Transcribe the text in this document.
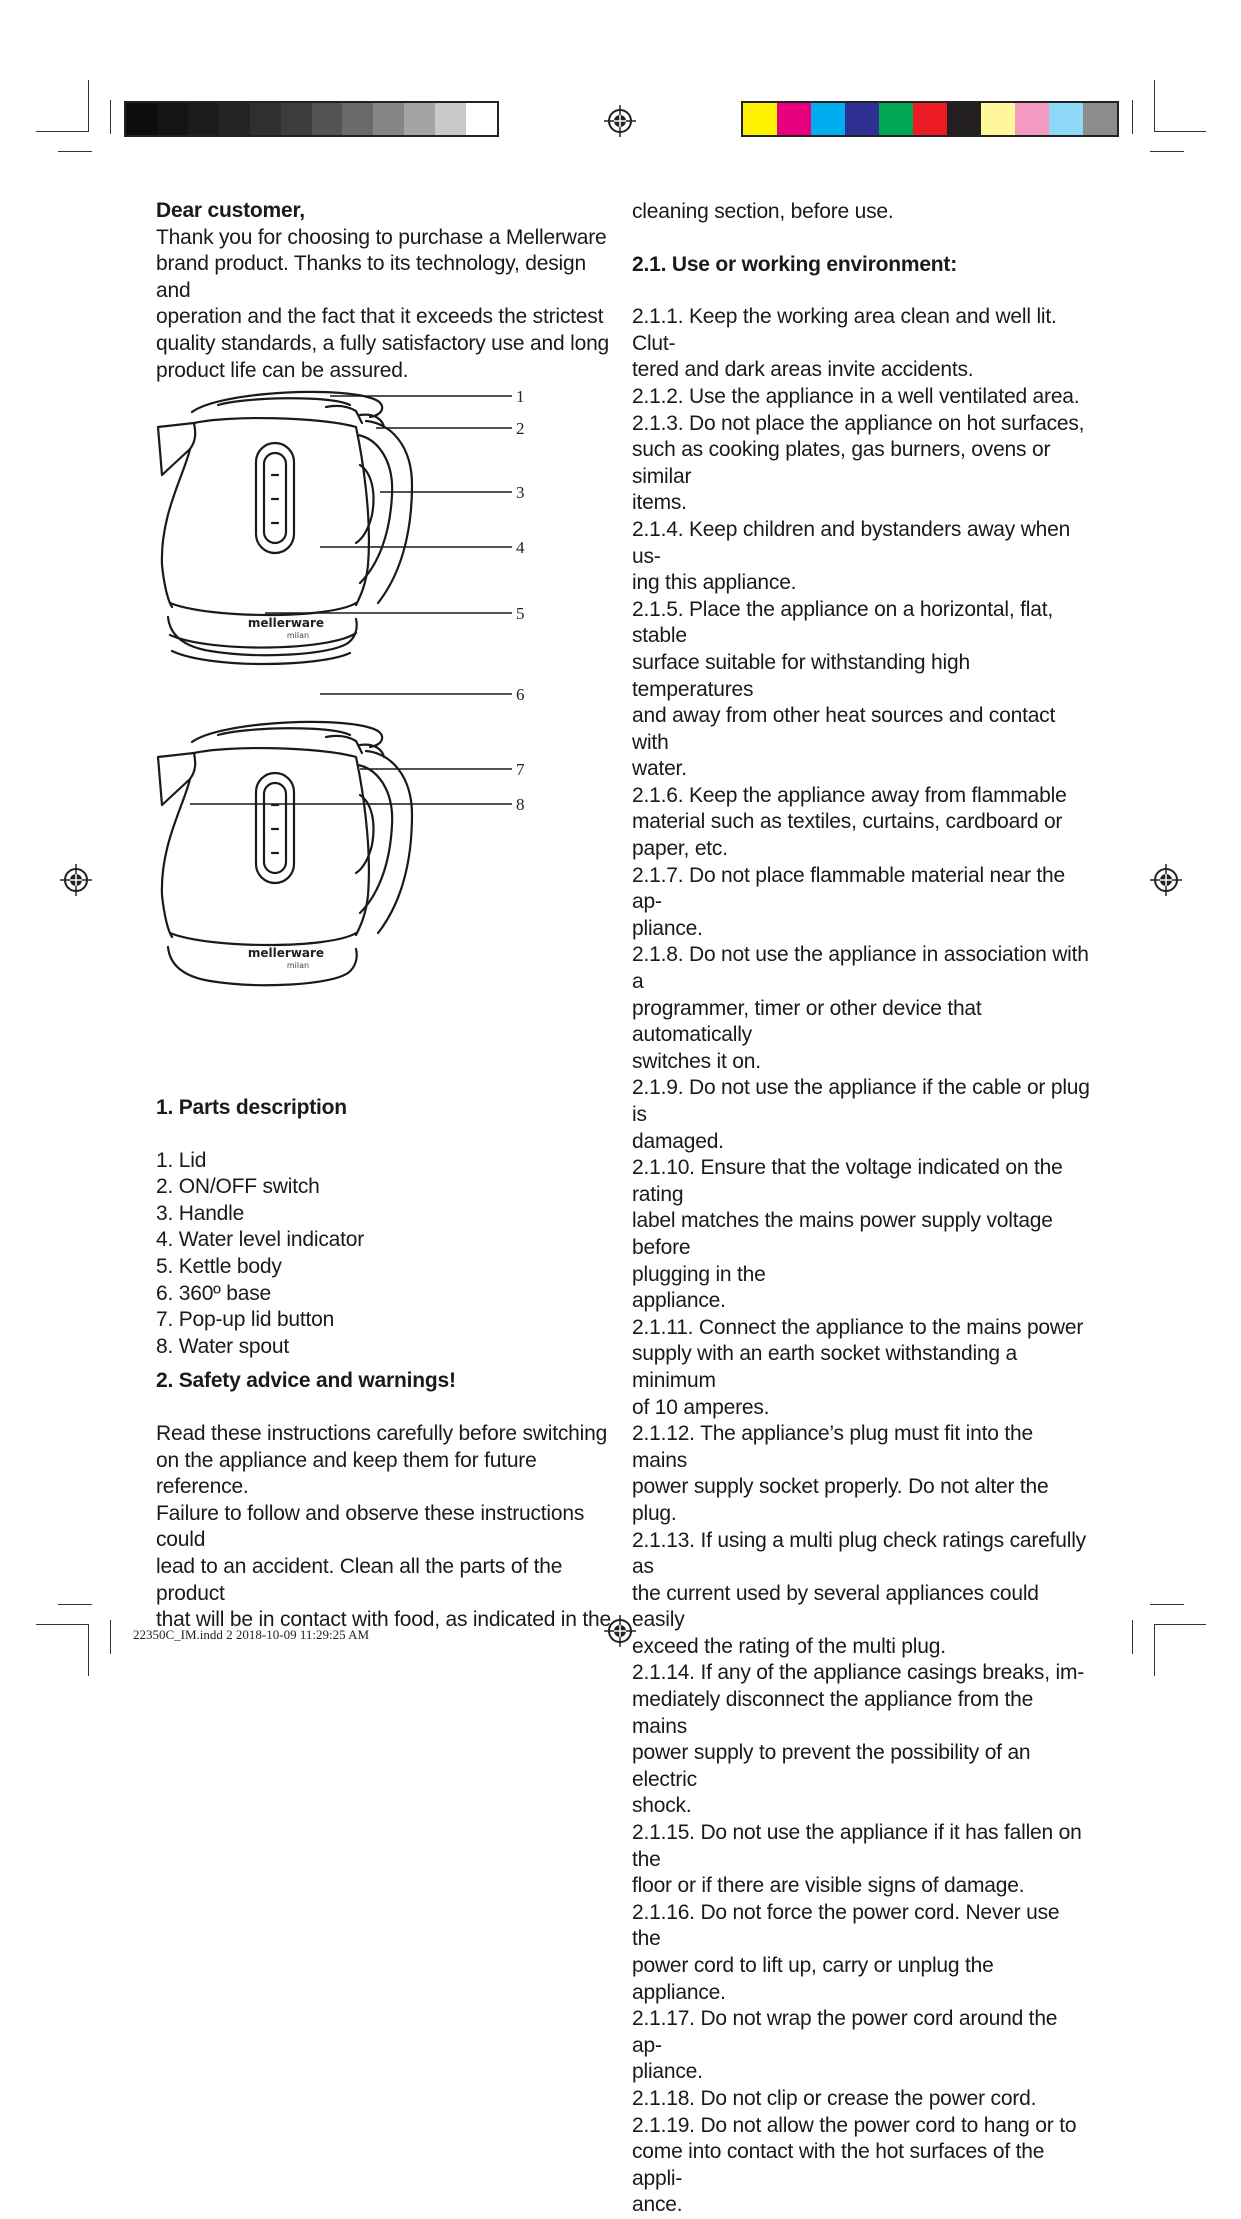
Dear customer,

Thank you for choosing to purchase a Mellerware

brand product. Thanks to its technology, design and

operation and the fact that it exceeds the strictest

quality standards, a fully satisfactory use and long

product life can be assured.

mellerware
milan
mellerware
milan
1
2
3
4
5
6
7
8

1. Parts description

1. Lid

2. ON/OFF switch

3. Handle

4. Water level indicator

5. Kettle body

6. 360º base

7. Pop-up lid button

8. Water spout

2. Safety advice and warnings!

Read these instructions carefully before switching

on the appliance and keep them for future reference.

Failure to follow and observe these instructions could

lead to an accident. Clean all the parts of the product

that will be in contact with food, as indicated in the

cleaning section, before use.

2.1. Use or working environment:

2.1.1. Keep the working area clean and well lit. Clut-

tered and dark areas invite accidents.

2.1.2. Use the appliance in a well ventilated area.

2.1.3. Do not place the appliance on hot surfaces,

such as cooking plates, gas burners, ovens or similar

items.

2.1.4. Keep children and bystanders away when us-

ing this appliance.

2.1.5. Place the appliance on a horizontal, flat, stable

surface suitable for withstanding high temperatures

and away from other heat sources and contact with

water.

2.1.6. Keep the appliance away from flammable

material such as textiles, curtains, cardboard or

paper, etc.

2.1.7. Do not place flammable material near the ap-

pliance.

2.1.8. Do not use the appliance in association with a

programmer, timer or other device that automatically

switches it on.

2.1.9. Do not use the appliance if the cable or plug is

damaged.

2.1.10. Ensure that the voltage indicated on the rating

label matches the mains power supply voltage before

plugging in the

appliance.

2.1.11. Connect the appliance to the mains power

supply with an earth socket withstanding a minimum

of 10 amperes.

2.1.12. The appliance’s plug must fit into the mains

power supply socket properly. Do not alter the plug.

2.1.13. If using a multi plug check ratings carefully as

the current used by several appliances could easily

exceed the rating of the multi plug.

2.1.14. If any of the appliance casings breaks, im-

mediately disconnect the appliance from the mains

power supply to prevent the possibility of an electric

shock.

2.1.15. Do not use the appliance if it has fallen on the

floor or if there are visible signs of damage.

2.1.16. Do not force the power cord. Never use the

power cord to lift up, carry or unplug the appliance.

2.1.17. Do not wrap the power cord around the ap-

pliance.

2.1.18. Do not clip or crease the power cord.

2.1.19. Do not allow the power cord to hang or to

come into contact with the hot surfaces of the appli-

ance.

22350C_IM.indd 2 2018-10-09 11:29:25 AM
